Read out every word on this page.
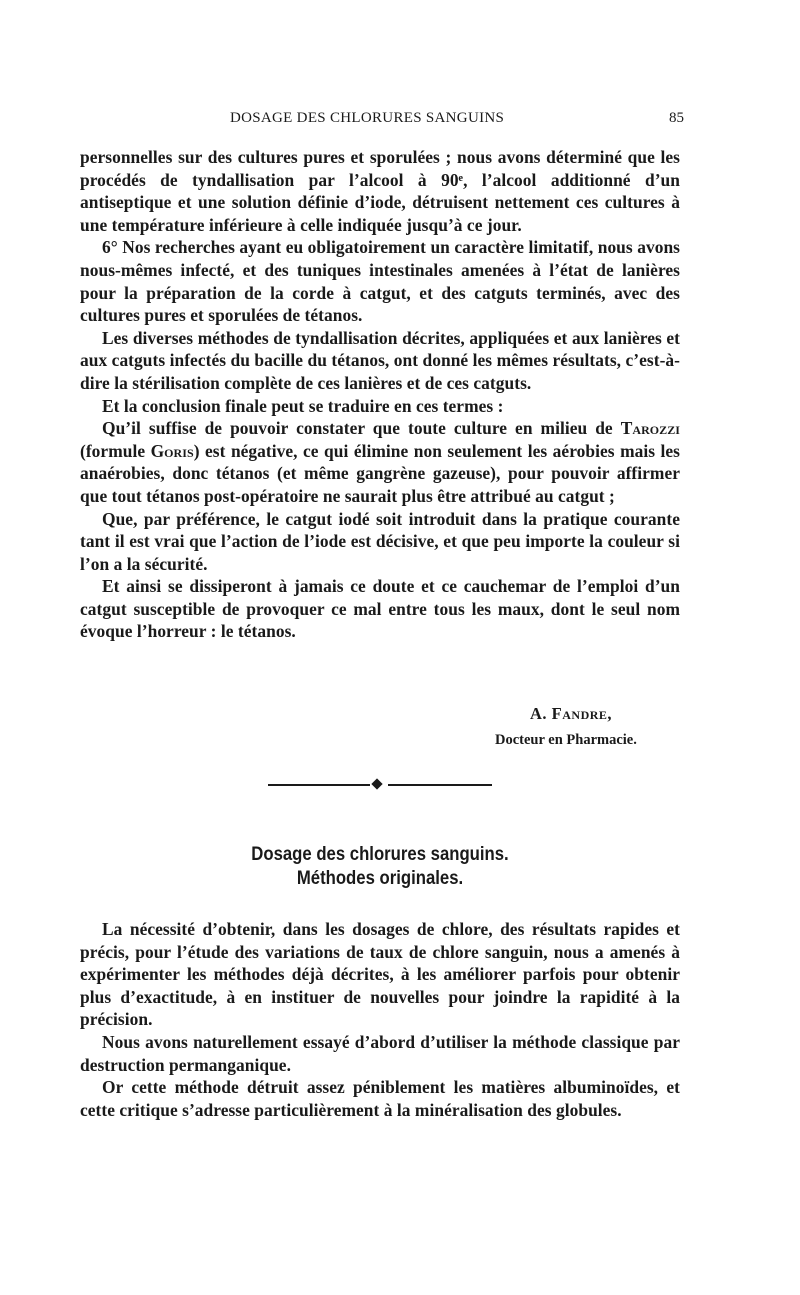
DOSAGE DES CHLORURES SANGUINS	85

personnelles sur des cultures pures et sporulées ; nous avons déterminé que les procédés de tyndallisation par l’alcool à 90ᵉ, l’alcool additionné d’un antiseptique et une solution définie d’iode, détruisent nettement ces cultures à une température inférieure à celle indiquée jusqu’à ce jour.

6° Nos recherches ayant eu obligatoirement un caractère limitatif, nous avons nous-mêmes infecté, et des tuniques intestinales amenées à l’état de lanières pour la préparation de la corde à catgut, et des catguts terminés, avec des cultures pures et sporulées de tétanos.

Les diverses méthodes de tyndallisation décrites, appliquées et aux lanières et aux catguts infectés du bacille du tétanos, ont donné les mêmes résultats, c’est-à-dire la stérilisation complète de ces lanières et de ces catguts.

Et la conclusion finale peut se traduire en ces termes :

Qu’il suffise de pouvoir constater que toute culture en milieu de Tarozzi (formule Goris) est négative, ce qui élimine non seulement les aérobies mais les anaérobies, donc tétanos (et même gangrène gazeuse), pour pouvoir affirmer que tout tétanos post-opératoire ne saurait plus être attribué au catgut ;

Que, par préférence, le catgut iodé soit introduit dans la pratique courante tant il est vrai que l’action de l’iode est décisive, et que peu importe la couleur si l’on a la sécurité.

Et ainsi se dissiperont à jamais ce doute et ce cauchemar de l’emploi d’un catgut susceptible de provoquer ce mal entre tous les maux, dont le seul nom évoque l’horreur : le tétanos.

A. Fandre,
Docteur en Pharmacie.
Dosage des chlorures sanguins.
Méthodes originales.

La nécessité d’obtenir, dans les dosages de chlore, des résultats rapides et précis, pour l’étude des variations de taux de chlore sanguin, nous a amenés à expérimenter les méthodes déjà décrites, à les améliorer parfois pour obtenir plus d’exactitude, à en instituer de nouvelles pour joindre la rapidité à la précision.

Nous avons naturellement essayé d’abord d’utiliser la méthode classique par destruction permanganique.

Or cette méthode détruit assez péniblement les matières albuminoïdes, et cette critique s’adresse particulièrement à la minéralisation des globules.
